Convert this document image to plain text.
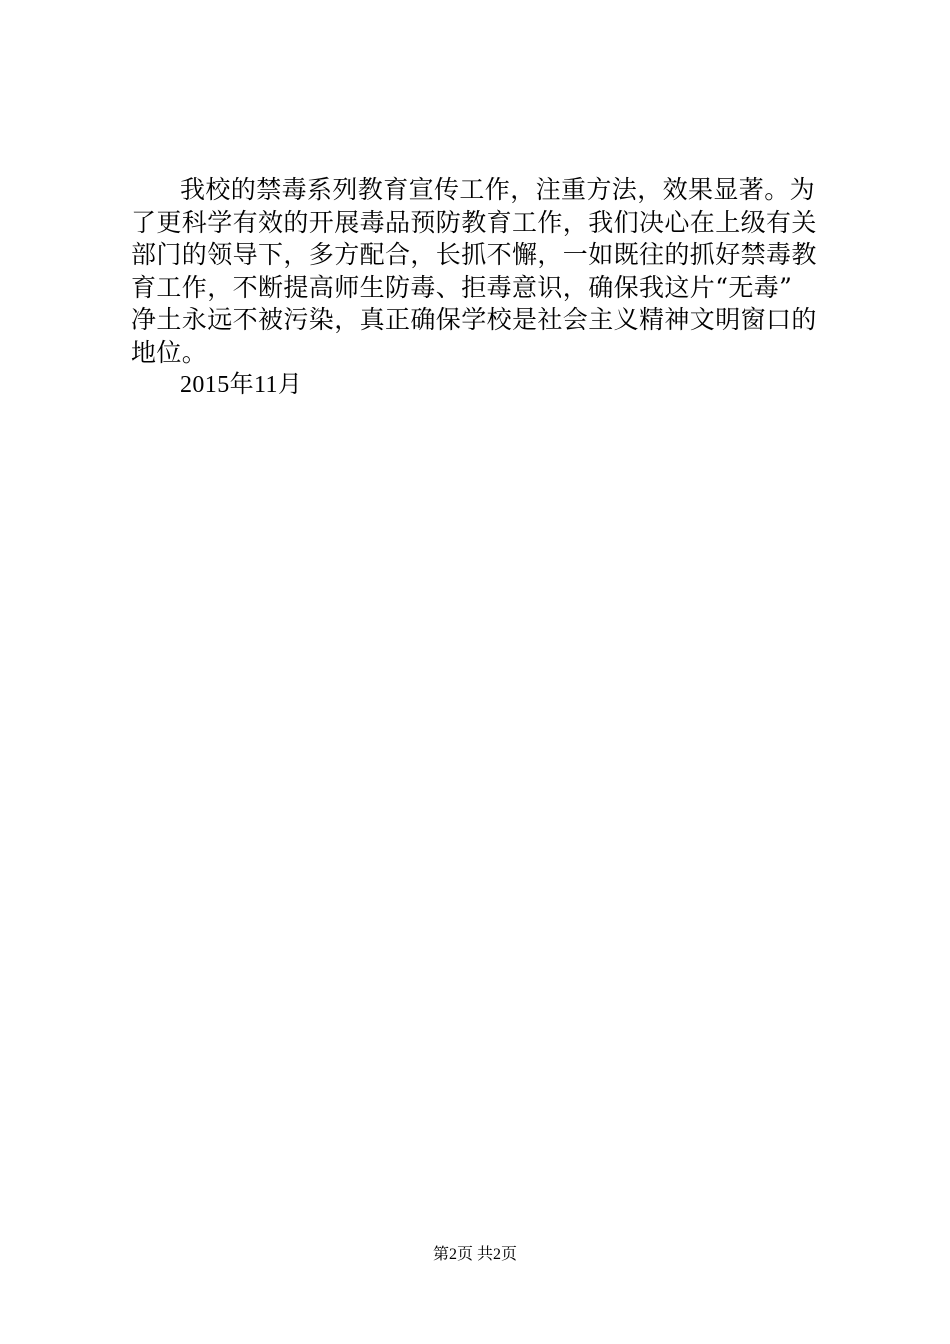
我校的禁毒系列教育宣传工作，注重方法，效果显著。为
了更科学有效的开展毒品预防教育工作，我们决心在上级有关
部门的领导下，多方配合，长抓不懈，一如既往的抓好禁毒教
育工作，不断提高师生防毒、拒毒意识，确保我这片“无毒”
净土永远不被污染，真正确保学校是社会主义精神文明窗口的
地位。
2015年11月
第2页 共2页
